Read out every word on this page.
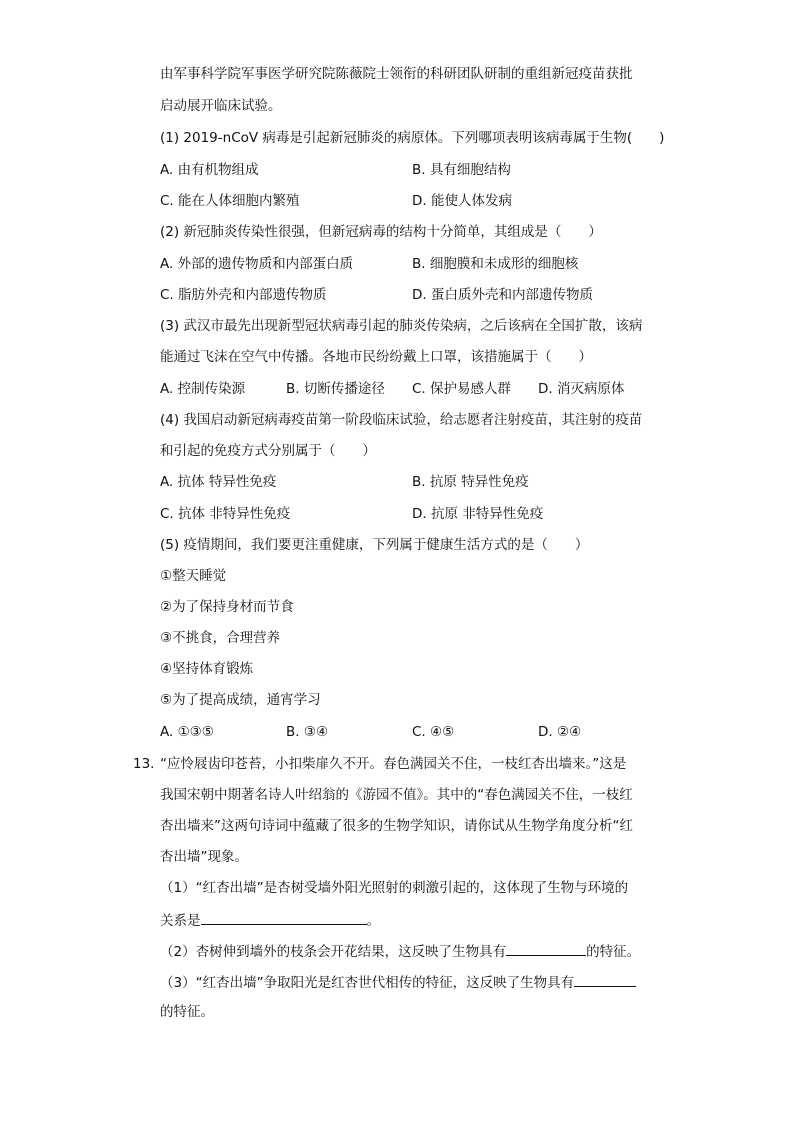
由军事科学院军事医学研究院陈薇院士领衔的科研团队研制的重组新冠疫苗获批
启动展开临床试验。
(1) 2019-nCoV 病毒是引起新冠肺炎的病原体。下列哪项表明该病毒属于生物(　　)
A. 由有机物组成	B. 具有细胞结构
C. 能在人体细胞内繁殖	D. 能使人体发病
(2) 新冠肺炎传染性很强，但新冠病毒的结构十分简单，其组成是（　　）
A. 外部的遗传物质和内部蛋白质	B. 细胞膜和未成形的细胞核
C. 脂肪外壳和内部遗传物质	D. 蛋白质外壳和内部遗传物质
(3) 武汉市最先出现新型冠状病毒引起的肺炎传染病，之后该病在全国扩散，该病
能通过飞沫在空气中传播。各地市民纷纷戴上口罩，该措施属于（　　）
A. 控制传染源	B. 切断传播途径 C. 保护易感人群 D. 消灭病原体
(4) 我国启动新冠病毒疫苗第一阶段临床试验，给志愿者注射疫苗，其注射的疫苗
和引起的免疫方式分别属于（　　）
A. 抗体 特异性免疫	B. 抗原 特异性免疫
C. 抗体 非特异性免疫	D. 抗原 非特异性免疫
(5) 疫情期间，我们要更注重健康，下列属于健康生活方式的是（　　）
①整天睡觉
②为了保持身材而节食
③不挑食，合理营养
④坚持体育锻炼
⑤为了提高成绩，通宵学习
A. ①③⑤	B. ③④	C. ④⑤	D. ②④
13. “应怜屐齿印苍苔，小扣柴扉久不开。春色满园关不住，一枝红杏出墙来。”这是
我国宋朝中期著名诗人叶绍翁的《游园不值》。其中的“春色满园关不住，一枝红
杏出墙来”这两句诗词中蕴藏了很多的生物学知识，请你试从生物学角度分析“红
杏出墙”现象。
（1）“红杏出墙”是杏树受墙外阳光照射的刺激引起的，这体现了生物与环境的
关系是	。
（2）杏树伸到墙外的枝条会开花结果，这反映了生物具有	的特征。
（3）“红杏出墙”争取阳光是红杏世代相传的特征，这反映了生物具有
的特征。
